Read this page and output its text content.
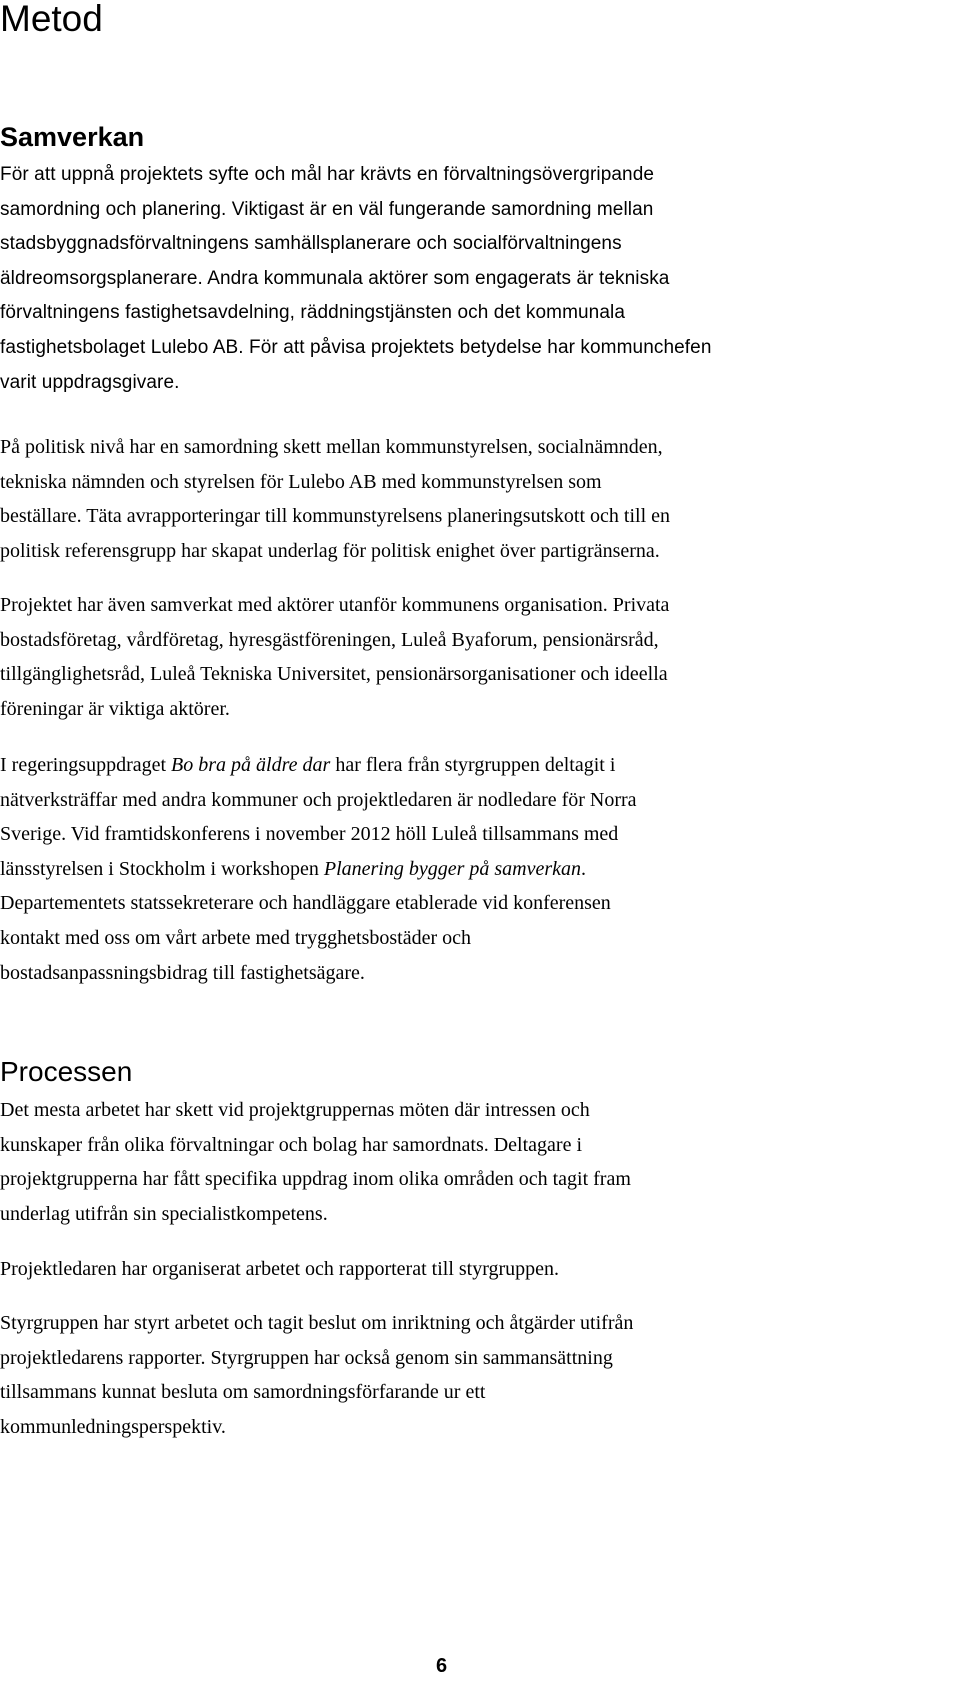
Metod
Samverkan

För att uppnå projektets syfte och mål har krävts en förvaltningsövergripande
samordning och planering. Viktigast är en väl fungerande samordning mellan
stadsbyggnadsförvaltningens samhällsplanerare och socialförvaltningens
äldreomsorgsplanerare. Andra kommunala aktörer som engagerats är tekniska
förvaltningens fastighetsavdelning, räddningstjänsten och det kommunala
fastighetsbolaget Lulebo AB. För att påvisa projektets betydelse har kommunchefen
varit uppdragsgivare.

På politisk nivå har en samordning skett mellan kommunstyrelsen, socialnämnden,
tekniska nämnden och styrelsen för Lulebo AB med kommunstyrelsen som
beställare. Täta avrapporteringar till kommunstyrelsens planeringsutskott och till en
politisk referensgrupp har skapat underlag för politisk enighet över partigränserna.

Projektet har även samverkat med aktörer utanför kommunens organisation. Privata
bostadsföretag, vårdföretag, hyresgästföreningen, Luleå Byaforum, pensionärsråd,
tillgänglighetsråd, Luleå Tekniska Universitet, pensionärsorganisationer och ideella
föreningar är viktiga aktörer.

I regeringsuppdraget Bo bra på äldre dar har flera från styrgruppen deltagit i
nätverksträffar med andra kommuner och projektledaren är nodledare för Norra
Sverige. Vid framtidskonferens i november 2012 höll Luleå tillsammans med
länsstyrelsen i Stockholm i workshopen Planering bygger på samverkan.
Departementets statssekreterare och handläggare etablerade vid konferensen
kontakt med oss om vårt arbete med trygghetsbostäder och
bostadsanpassningsbidrag till fastighetsägare.

Processen

Det mesta arbetet har skett vid projektgruppernas möten där intressen och
kunskaper från olika förvaltningar och bolag har samordnats. Deltagare i
projektgrupperna har fått specifika uppdrag inom olika områden och tagit fram
underlag utifrån sin specialistkompetens.

Projektledaren har organiserat arbetet och rapporterat till styrgruppen.

Styrgruppen har styrt arbetet och tagit beslut om inriktning och åtgärder utifrån
projektledarens rapporter. Styrgruppen har också genom sin sammansättning
tillsammans kunnat besluta om samordningsförfarande ur ett
kommunledningsperspektiv.

6
